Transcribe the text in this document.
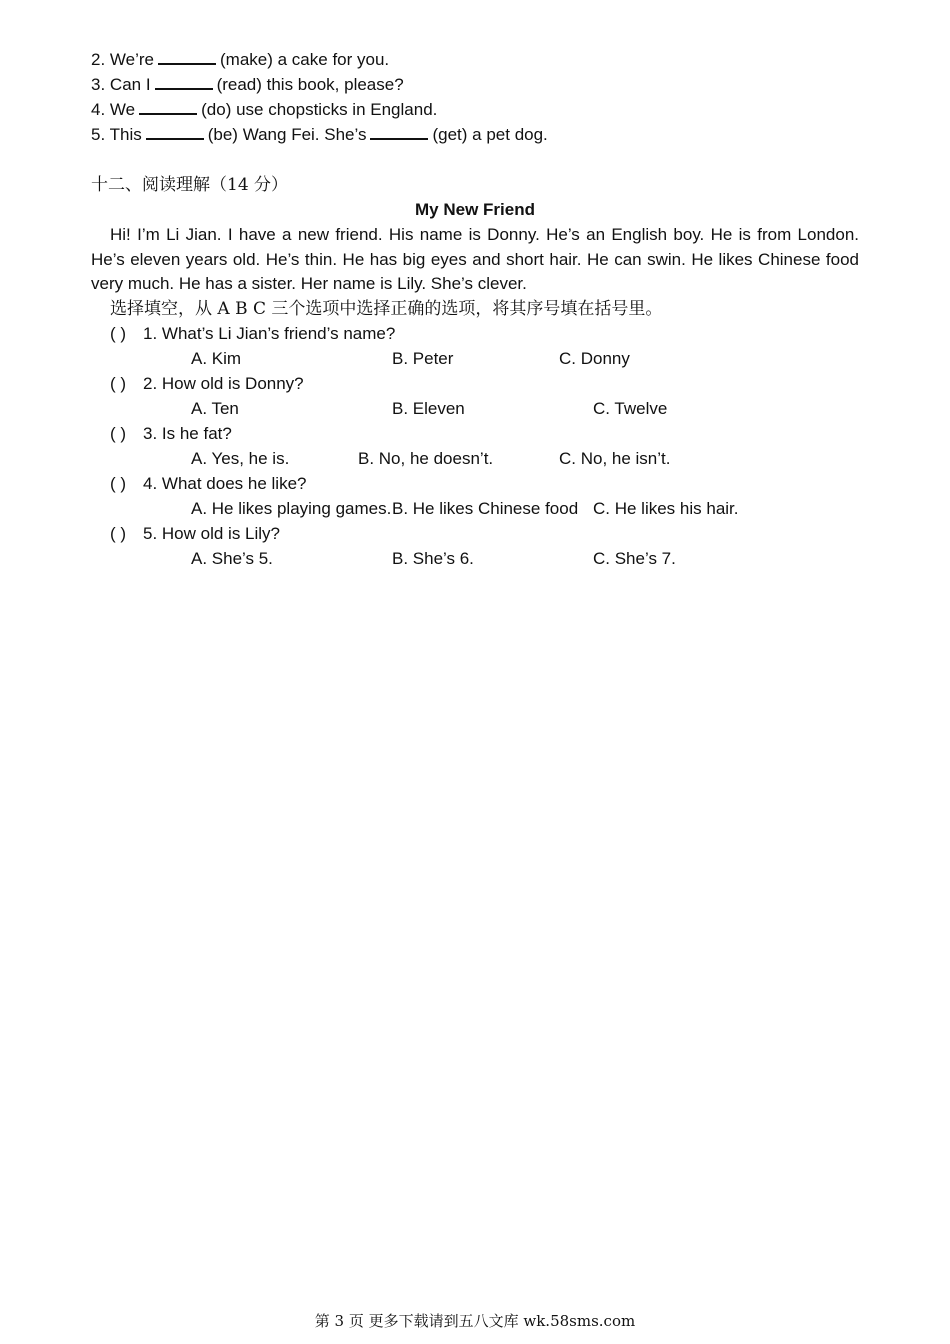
2. We’re	(make) a cake for you.
3. Can I	(read) this book, please?
4. We	(do) use chopsticks in England.
5. This	(be) Wang Fei. She’s	(get) a pet dog.
十二、阅读理解（14 分）
My New Friend
Hi! I’m Li Jian. I have a new friend. His name is Donny. He’s an English boy. He is from London. He’s eleven years old. He’s thin. He has big eyes and short hair. He can swin. He likes Chinese food very much. He has a sister. Her name is Lily. She’s clever.
选择填空，从 A B C 三个选项中选择正确的选项，将其序号填在括号里。
( ) 1. What’s Li Jian’s friend’s name?
A. Kim	B. Peter	C. Donny
( ) 2. How old is Donny?
A. Ten	B. Eleven	C. Twelve
( ) 3. Is he fat?
A. Yes, he is.	B. No, he doesn’t.	C. No, he isn’t.
( ) 4. What does he like?
A. He likes playing games. B. He likes Chinese food C. He likes his hair.
( ) 5. How old is Lily?
A. She’s 5.	B. She’s 6.	C. She’s 7.
第 3 页 更多下载请到五八文库 wk.58sms.com
